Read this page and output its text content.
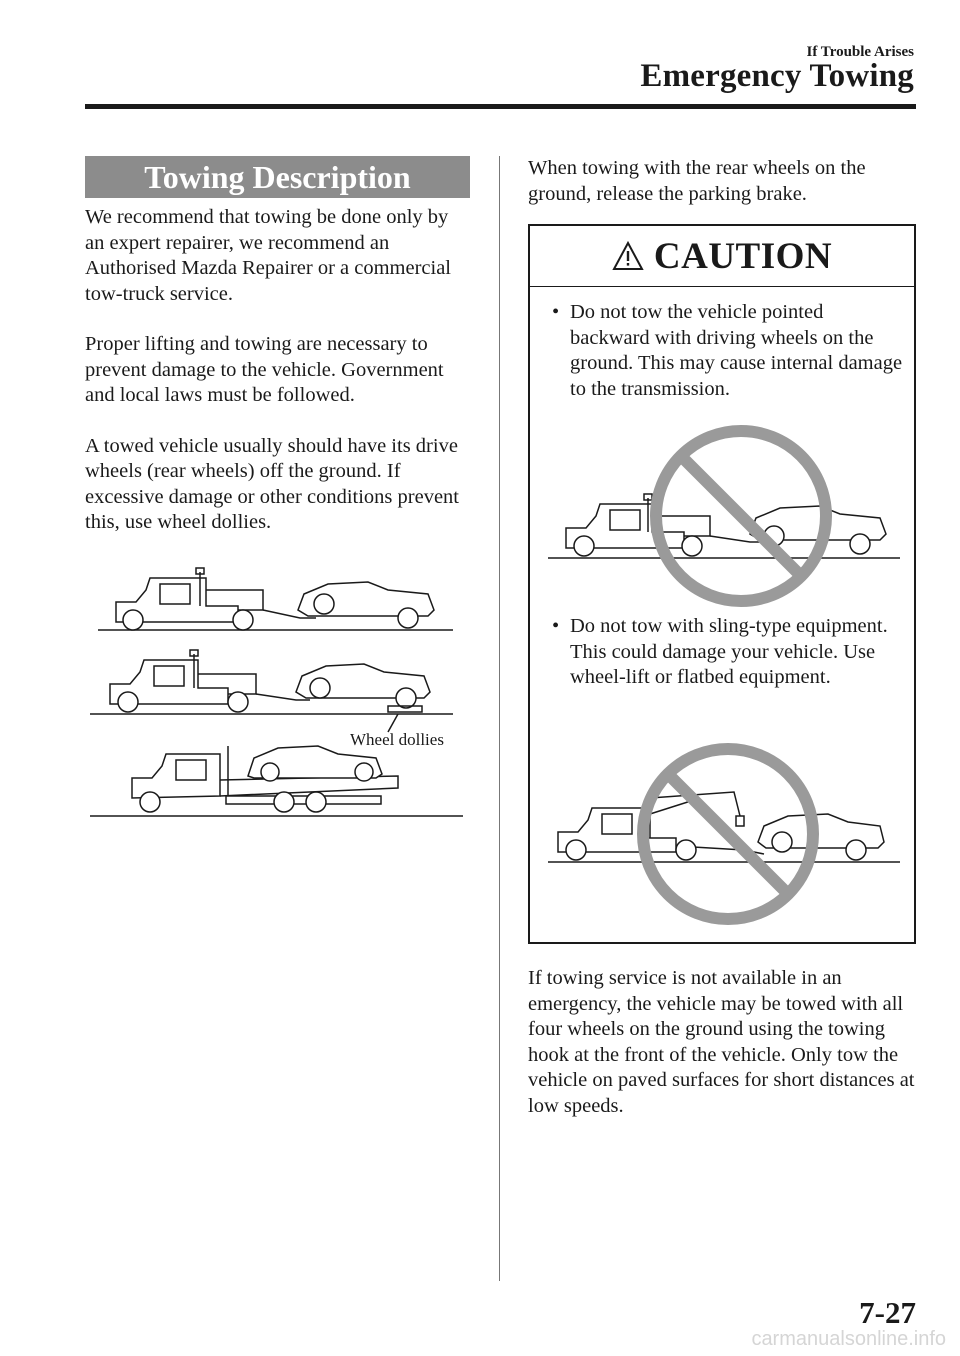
If Trouble Arises
Emergency Towing
Towing Description

We recommend that towing be done only by an expert repairer, we recommend an Authorised Mazda Repairer or a commercial tow-truck service.

Proper lifting and towing are necessary to prevent damage to the vehicle. Government and local laws must be followed.

A towed vehicle usually should have its drive wheels (rear wheels) off the ground. If excessive damage or other conditions prevent this, use wheel dollies.

Wheel dollies

When towing with the rear wheels on the ground, release the parking brake.

CAUTION
• Do not tow the vehicle pointed backward with driving wheels on the ground. This may cause internal damage to the transmission.
• Do not tow with sling-type equipment. This could damage your vehicle. Use wheel-lift or flatbed equipment.

If towing service is not available in an emergency, the vehicle may be towed with all four wheels on the ground using the towing hook at the front of the vehicle. Only tow the vehicle on paved surfaces for short distances at low speeds.

7-27
carmanualsonline.info
